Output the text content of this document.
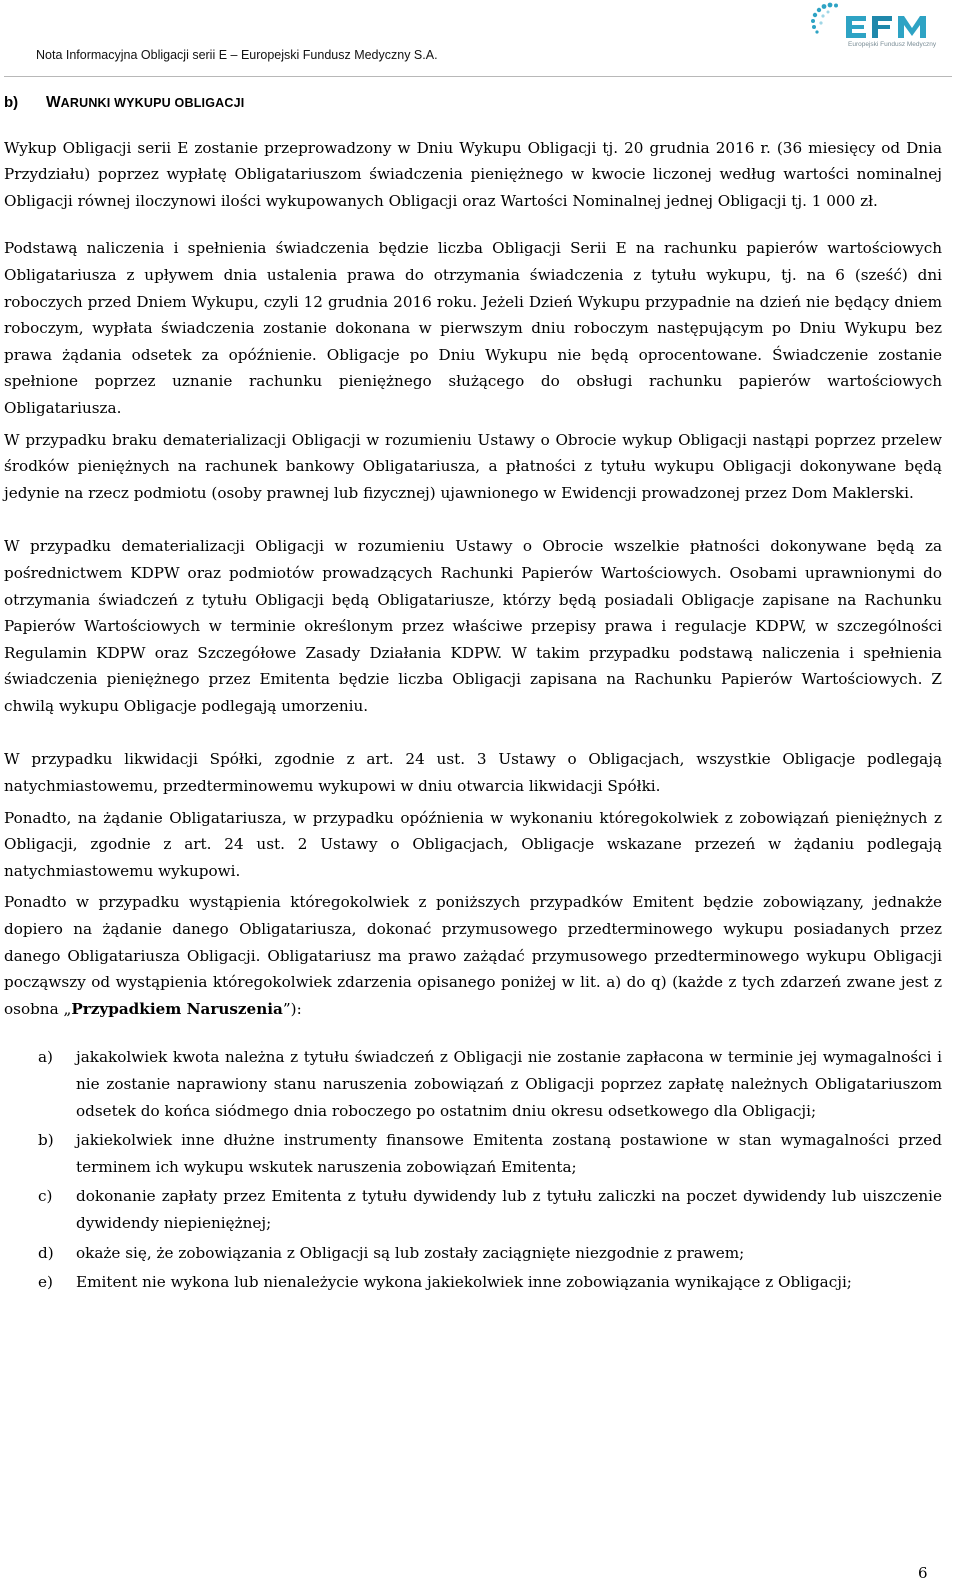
Nota Informacyjna Obligacji serii E – Europejski Fundusz Medyczny S.A.
Europejski Fundusz Medyczny
b)	W ARUNKI WYKUPU OBLIGACJI

Wykup Obligacji serii E zostanie przeprowadzony w Dniu Wykupu Obligacji tj. 20 grudnia 2016 r. (36 miesięcy od Dnia Przydziału) poprzez wypłatę Obligatariuszom świadczenia pieniężnego w kwocie liczonej według wartości nominalnej Obligacji równej iloczynowi ilości wykupowanych Obligacji oraz Wartości Nominalnej jednej Obligacji tj. 1 000 zł.

Podstawą naliczenia i spełnienia świadczenia będzie liczba Obligacji Serii E na rachunku papierów wartościowych Obligatariusza z upływem dnia ustalenia prawa do otrzymania świadczenia z tytułu wykupu, tj. na 6 (sześć) dni roboczych przed Dniem Wykupu, czyli 12 grudnia 2016 roku. Jeżeli Dzień Wykupu przypadnie na dzień nie będący dniem roboczym, wypłata świadczenia zostanie dokonana w pierwszym dniu roboczym następującym po Dniu Wykupu bez prawa żądania odsetek za opóźnienie. Obligacje po Dniu Wykupu nie będą oprocentowane. Świadczenie zostanie spełnione poprzez uznanie rachunku pieniężnego służącego do obsługi rachunku papierów wartościowych Obligatariusza.

W przypadku braku dematerializacji Obligacji w rozumieniu Ustawy o Obrocie wykup Obligacji nastąpi poprzez przelew środków pieniężnych na rachunek bankowy Obligatariusza, a płatności z tytułu wykupu Obligacji dokonywane będą jedynie na rzecz podmiotu (osoby prawnej lub fizycznej) ujawnionego w Ewidencji prowadzonej przez Dom Maklerski.

W przypadku dematerializacji Obligacji w rozumieniu Ustawy o Obrocie wszelkie płatności dokonywane będą za pośrednictwem KDPW oraz podmiotów prowadzących Rachunki Papierów Wartościowych. Osobami uprawnionymi do otrzymania świadczeń z tytułu Obligacji będą Obligatariusze, którzy będą posiadali Obligacje zapisane na Rachunku Papierów Wartościowych w terminie określonym przez właściwe przepisy prawa i regulacje KDPW, w szczególności Regulamin KDPW oraz Szczegółowe Zasady Działania KDPW. W takim przypadku podstawą naliczenia i spełnienia świadczenia pieniężnego przez Emitenta będzie liczba Obligacji zapisana na Rachunku Papierów Wartościowych. Z chwilą wykupu Obligacje podlegają umorzeniu.

W przypadku likwidacji Spółki, zgodnie z art. 24 ust. 3 Ustawy o Obligacjach, wszystkie Obligacje podlegają natychmiastowemu, przedterminowemu wykupowi w dniu otwarcia likwidacji Spółki.

Ponadto, na żądanie Obligatariusza, w przypadku opóźnienia w wykonaniu któregokolwiek z zobowiązań pieniężnych z Obligacji, zgodnie z art. 24 ust. 2 Ustawy o Obligacjach, Obligacje wskazane przezeń w żądaniu podlegają natychmiastowemu wykupowi.

Ponadto w przypadku wystąpienia któregokolwiek z poniższych przypadków Emitent będzie zobowiązany, jednakże dopiero na żądanie danego Obligatariusza, dokonać przymusowego przedterminowego wykupu posiadanych przez danego Obligatariusza Obligacji. Obligatariusz ma prawo zażądać przymusowego przedterminowego wykupu Obligacji począwszy od wystąpienia któregokolwiek zdarzenia opisanego poniżej w lit. a) do q) (każde z tych zdarzeń zwane jest z osobna „Przypadkiem Naruszenia”):

a)	jakakolwiek kwota należna z tytułu świadczeń z Obligacji nie zostanie zapłacona w terminie jej wymagalności i nie zostanie naprawiony stanu naruszenia zobowiązań z Obligacji poprzez zapłatę należnych Obligatariuszom odsetek do końca siódmego dnia roboczego po ostatnim dniu okresu odsetkowego dla Obligacji;
b)	jakiekolwiek inne dłużne instrumenty finansowe Emitenta zostaną postawione w stan wymagalności przed terminem ich wykupu wskutek naruszenia zobowiązań Emitenta;
c)	dokonanie zapłaty przez Emitenta z tytułu dywidendy lub z tytułu zaliczki na poczet dywidendy lub uiszczenie dywidendy niepieniężnej;
d)	okaże się, że zobowiązania z Obligacji są lub zostały zaciągnięte niezgodnie z prawem;
e)	Emitent nie wykona lub nienależycie wykona jakiekolwiek inne zobowiązania wynikające z Obligacji;
6
